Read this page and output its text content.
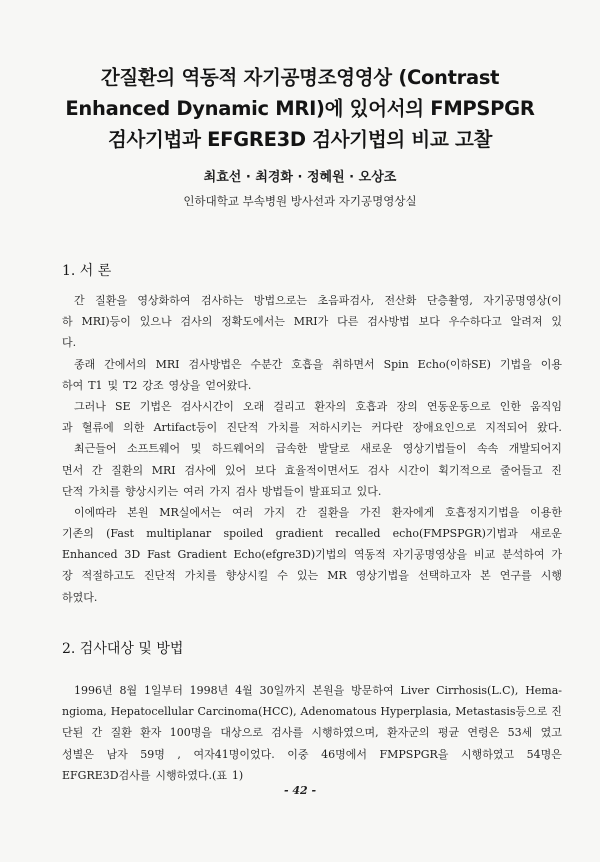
간질환의 역동적 자기공명조영영상 (Contrast
Enhanced Dynamic MRI)에 있어서의 FMPSPGR
검사기법과 EFGRE3D 검사기법의 비교 고찰
최효선 · 최경화 · 정혜원 · 오상조
인하대학교 부속병원 방사선과 자기공명영상실
1. 서 론
간 질환을 영상화하여 검사하는 방법으로는 초음파검사, 전산화 단층촬영, 자기공명영상(이
하 MRI)등이 있으나 검사의 정확도에서는 MRI가 다른 검사방법 보다 우수하다고 알려져 있
다.
종래 간에서의 MRI 검사방법은 수분간 호흡을 취하면서 Spin Echo(이하SE) 기법을 이용
하여 T1 및 T2 강조 영상을 얻어왔다.
그러나 SE 기법은 검사시간이 오래 걸리고 환자의 호흡과 장의 연동운동으로 인한 움직임
과 혈류에 의한 Artifact등이 진단적 가치를 저하시키는 커다란 장애요인으로 지적되어 왔다.
최근들어 소프트웨어 및 하드웨어의 급속한 발달로 새로운 영상기법들이 속속 개발되어지
면서 간 질환의 MRI 검사에 있어 보다 효율적이면서도 검사 시간이 획기적으로 줄어들고 진
단적 가치를 향상시키는 여러 가지 검사 방법들이 발표되고 있다.
이에따라 본원 MR실에서는 여러 가지 간 질환을 가진 환자에게 호흡정지기법을 이용한
기존의 (Fast multiplanar spoiled gradient recalled echo(FMPSPGR)기법과 새로운
Enhanced 3D Fast Gradient Echo(efgre3D)기법의 역동적 자기공명영상을 비교 분석하여 가
장 적절하고도 진단적 가치를 향상시킬 수 있는 MR 영상기법을 선택하고자 본 연구를 시행
하였다.
2. 검사대상 및 방법
1996년 8월 1일부터 1998년 4월 30일까지 본원을 방문하여 Liver Cirrhosis(L.C), Hema-
ngioma, Hepatocellular Carcinoma(HCC), Adenomatous Hyperplasia, Metastasis등으로 진
단된 간 질환 환자 100명을 대상으로 검사를 시행하였으며, 환자군의 평균 연령은 53세 였고
성별은 남자 59명 , 여자41명이었다. 이중 46명에서 FMPSPGR을 시행하였고 54명은
EFGRE3D검사를 시행하였다.(표 1)
- 42 -
